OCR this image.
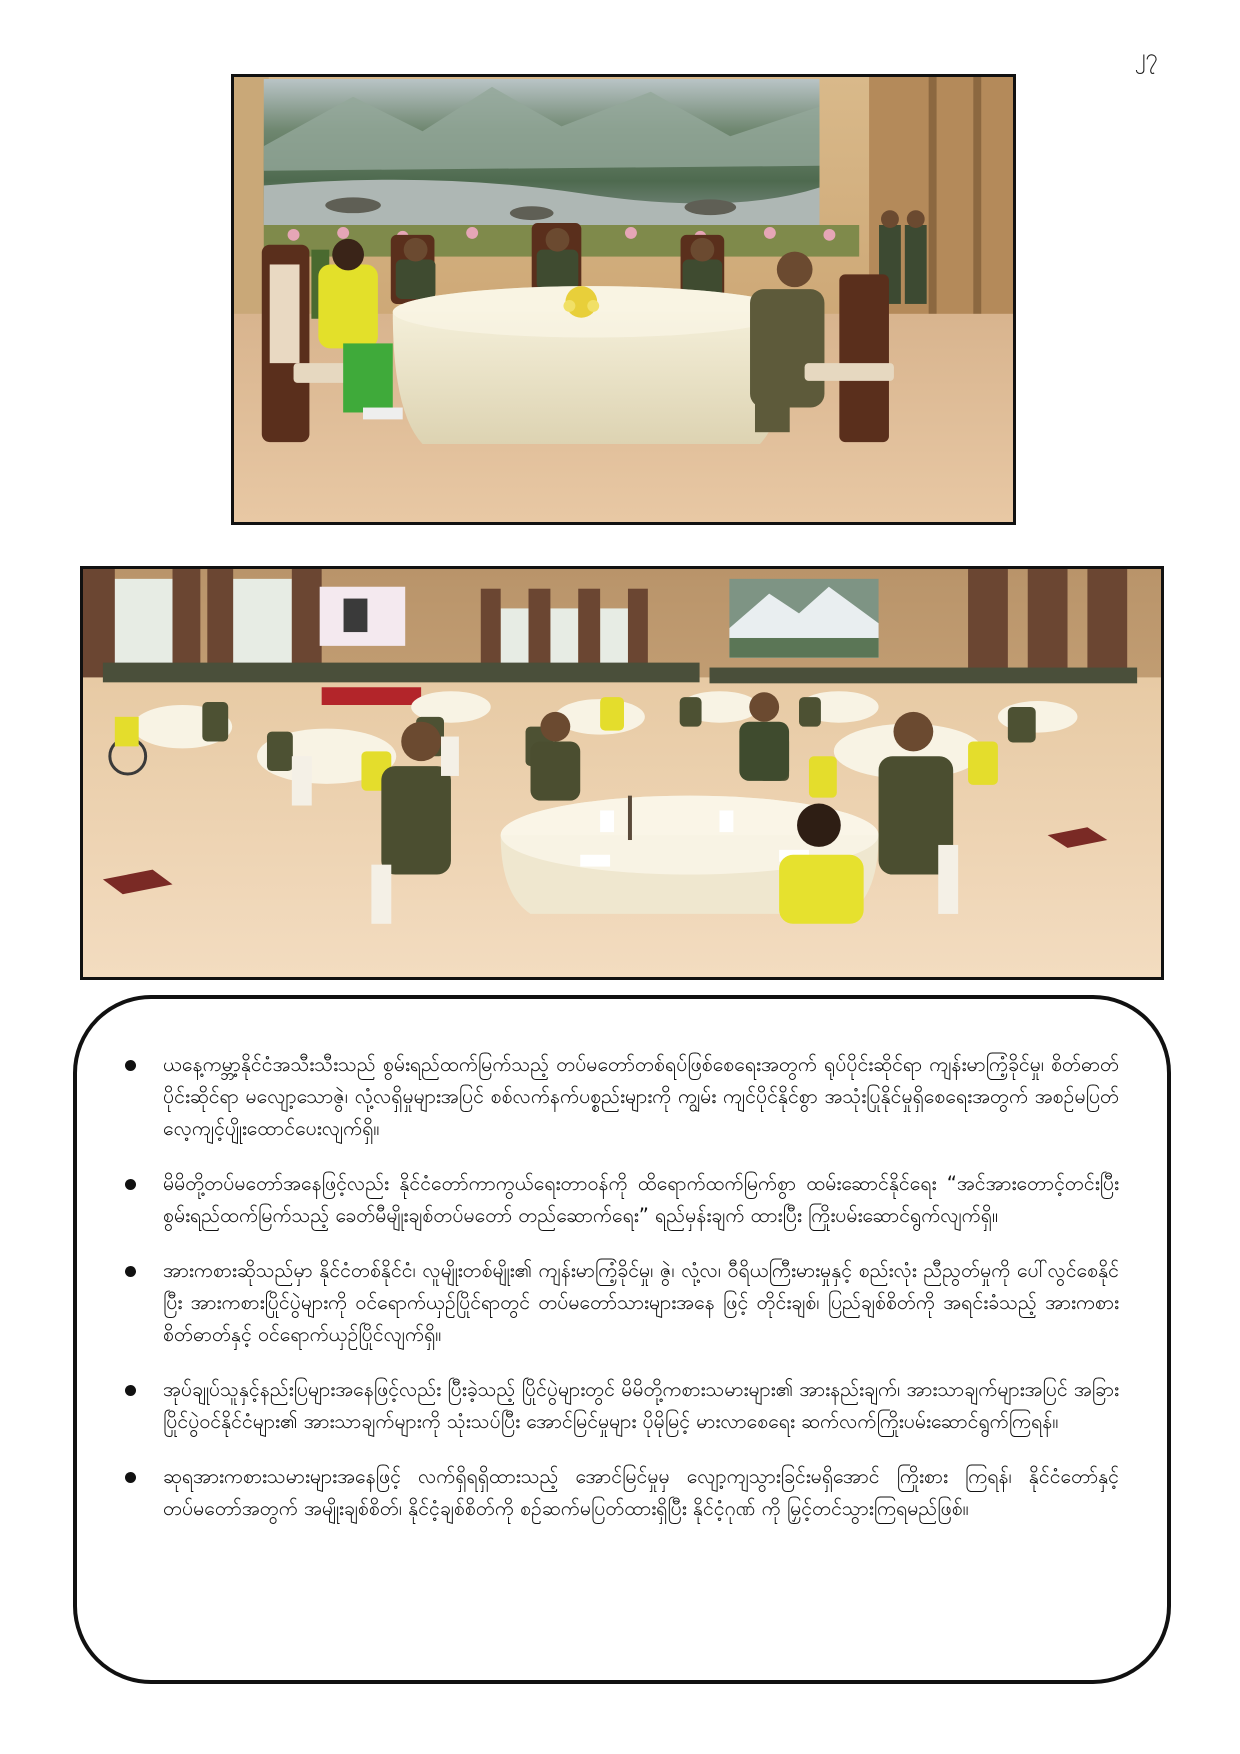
၂၇
ယနေ့ကမ္ဘာ့နိုင်ငံအသီးသီးသည် စွမ်းရည်ထက်မြက်သည့် တပ်မတော်တစ်ရပ်ဖြစ်စေရေးအတွက် ရုပ်ပိုင်းဆိုင်ရာ ကျန်းမာကြံ့ခိုင်မှု၊ စိတ်ဓာတ်ပိုင်းဆိုင်ရာ မလျော့သောဇွဲ၊ လုံ့လရှိမှုများအပြင် စစ်လက်နက်ပစ္စည်းများကို ကျွမ်း ကျင်ပိုင်နိုင်စွာ အသုံးပြုနိုင်မှုရှိစေရေးအတွက် အစဉ်မပြတ် လေ့ကျင့်ပျိုးထောင်ပေးလျက်ရှိ။
မိမိတို့တပ်မတော်အနေဖြင့်လည်း နိုင်ငံတော်ကာကွယ်ရေးတာဝန်ကို ထိရောက်ထက်မြက်စွာ ထမ်းဆောင်နိုင်ရေး “အင်အားတောင့်တင်းပြီး စွမ်းရည်ထက်မြက်သည့် ခေတ်မီမျိုးချစ်တပ်မတော် တည်ဆောက်ရေး” ရည်မှန်းချက် ထားပြီး ကြိုးပမ်းဆောင်ရွက်လျက်ရှိ။
အားကစားဆိုသည်မှာ နိုင်ငံတစ်နိုင်ငံ၊ လူမျိုးတစ်မျိုး၏ ကျန်းမာကြံ့ခိုင်မှု၊ ဇွဲ၊ လုံ့လ၊ ဝီရိယကြီးမားမှုနှင့် စည်းလုံး ညီညွတ်မှုကို ပေါ်လွင်စေနိုင်ပြီး အားကစားပြိုင်ပွဲများကို ဝင်ရောက်ယှဉ်ပြိုင်ရာတွင် တပ်မတော်သားများအနေ ဖြင့် တိုင်းချစ်၊ ပြည်ချစ်စိတ်ကို အရင်းခံသည့် အားကစားစိတ်ဓာတ်နှင့် ဝင်ရောက်ယှဉ်ပြိုင်လျက်ရှိ။
အုပ်ချုပ်သူနှင့်နည်းပြများအနေဖြင့်လည်း ပြီးခဲ့သည့် ပြိုင်ပွဲများတွင် မိမိတို့ကစားသမားများ၏ အားနည်းချက်၊ အားသာချက်များအပြင် အခြားပြိုင်ပွဲဝင်နိုင်ငံများ၏ အားသာချက်များကို သုံးသပ်ပြီး အောင်မြင်မှုများ ပိုမိုမြင့် မားလာစေရေး ဆက်လက်ကြိုးပမ်းဆောင်ရွက်ကြရန်။
ဆုရအားကစားသမားများအနေဖြင့် လက်ရှိရရှိထားသည့် အောင်မြင်မှုမှ လျော့ကျသွားခြင်းမရှိအောင် ကြိုးစား ကြရန်၊ နိုင်ငံတော်နှင့် တပ်မတော်အတွက် အမျိုးချစ်စိတ်၊ နိုင်ငံ့ချစ်စိတ်ကို စဉ်ဆက်မပြတ်ထားရှိပြီး နိုင်ငံ့ဂုဏ် ကို မြှင့်တင်သွားကြရမည်ဖြစ်။
